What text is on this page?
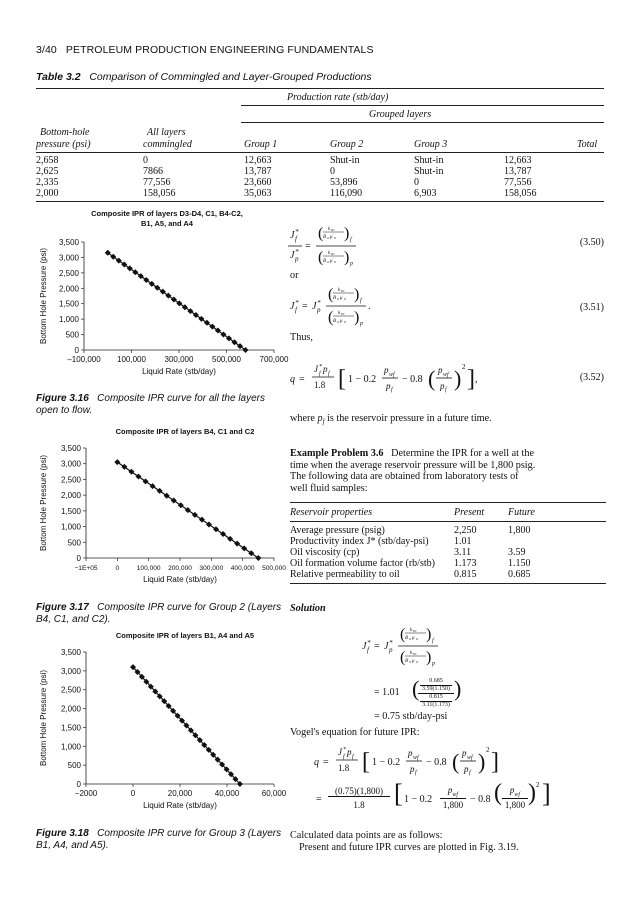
3/40 PETROLEUM PRODUCTION ENGINEERING FUNDAMENTALS
Table 3.2 Comparison of Commingled and Layer-Grouped Productions
Production rate (stb/day)
Grouped layers
Bottom-hole	All layers
pressure (psi)	commingled	Group 1	Group 2	Group 3	Total
2,658	0	12,663	Shut-in	Shut-in	12,663
2,625	7866	13,787	0	Shut-in	13,787
2,335	77,556	23,660	53,896	0	77,556
2,000	158,056	35,063	116,090	6,903	158,056
Composite IPR of layers D3-D4, C1, B4-C2,
B1, A5, and A4
0
500
1,000
1,500
2,000
2,500
3,000
3,500
–100,000 100,000 300,000 500,000 700,000
Liquid Rate (stb/day)
Bottom Hole Pressure (psi)
Figure 3.16 Composite IPR curve for all the layers
open to flow.
Composite IPR of layers B4, C1 and C2
0
500
1,000
1,500
2,000
2,500
3,000
3,500
−1E+05	0	100,000 200,000 300,000 400,000 500,000
Liquid Rate (stb/day)
Bottom Hole Pressure (psi)
Figure 3.17 Composite IPR curve for Group 2 (Layers
B4, C1, and C2).
Composite IPR of layers B1, A4 and A5
0
500
1,000
1,500
2,000
2,500
3,000
3,500
−2000	0	20,000	40,000	60,000
Liquid Rate (stb/day)
Bottom Hole Pressure (psi)
Figure 3.18 Composite IPR curve for Group 3 (Layers
B1, A4, and A5).
J *
f
J *
p
=
( k ro
B o μ o ) f
( k ro
B o μ o ) p
(3.50)
or
J *
f = J *
p
( k ro
B o μ o ) f
( k ro
B o μ o ) p
.	(3.51)
Thus,
q =
J *
f p f
1.8 [ 1 − 0.2
p wf
p f
− 0.8 ( p wf
p f ) 2 ] ,	(3.52)
where $p_f$ is the reservoir pressure in a future time.
Example Problem 3.6 Determine the IPR for a well at the
time when the average reservoir pressure will be 1,800 psig.
The following data are obtained from laboratory tests of
well fluid samples:
Reservoir properties	Present Future
Average pressure (psig)	2,250	1,800
Productivity index J* (stb/day-psi)	1.01
Oil viscosity (cp)	3.11	3.59
Oil formation volume factor (rb/stb) 1.173	1.150
Relative permeability to oil	0.815	0.685
Solution
J *
f = J *
p
( k ro
B o μ o ) f
( k ro
B o μ o ) p
= 1.01 (	0.685
3.59(1.150)
0.815
3.11(1.173)
)
= 0.75 stb/day-psi
Vogel's equation for future IPR:
q =
J *
f p f
1.8 [ 1 − 0.2
p wf
p f
− 0.8 ( p wf
p f ) 2 ]
=
(0.75)(1,800)
1.8	[ 1 − 0.2
$p_{wf}$
1,800 − 0.8 ( $p_{wf}$
1,800 ) 2 ]
Calculated data points are as follows:
Present and future IPR curves are plotted in Fig. 3.19.
